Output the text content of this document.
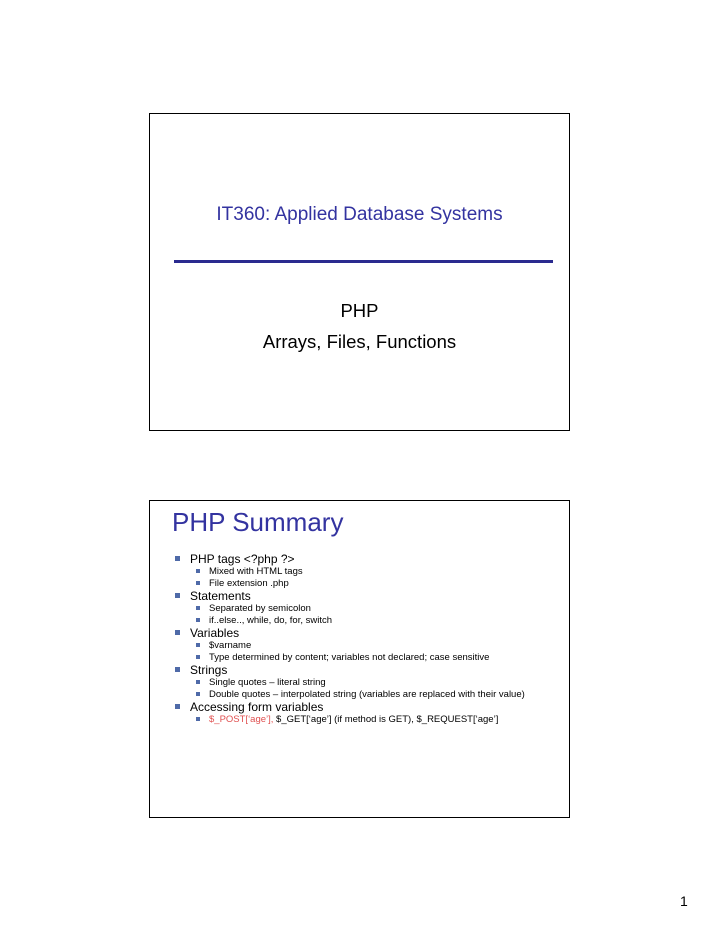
IT360: Applied Database Systems
PHP
Arrays, Files, Functions
PHP Summary
PHP tags <?php ?>
Mixed with HTML tags
File extension .php
Statements
Separated by semicolon
if..else.., while, do, for, switch
Variables
$varname
Type determined by content; variables not declared; case sensitive
Strings
Single quotes – literal string
Double quotes – interpolated string (variables are replaced with their value)
Accessing form variables
$_POST[‘age’], $_GET[‘age’] (if method is GET), $_REQUEST[‘age’]
1
